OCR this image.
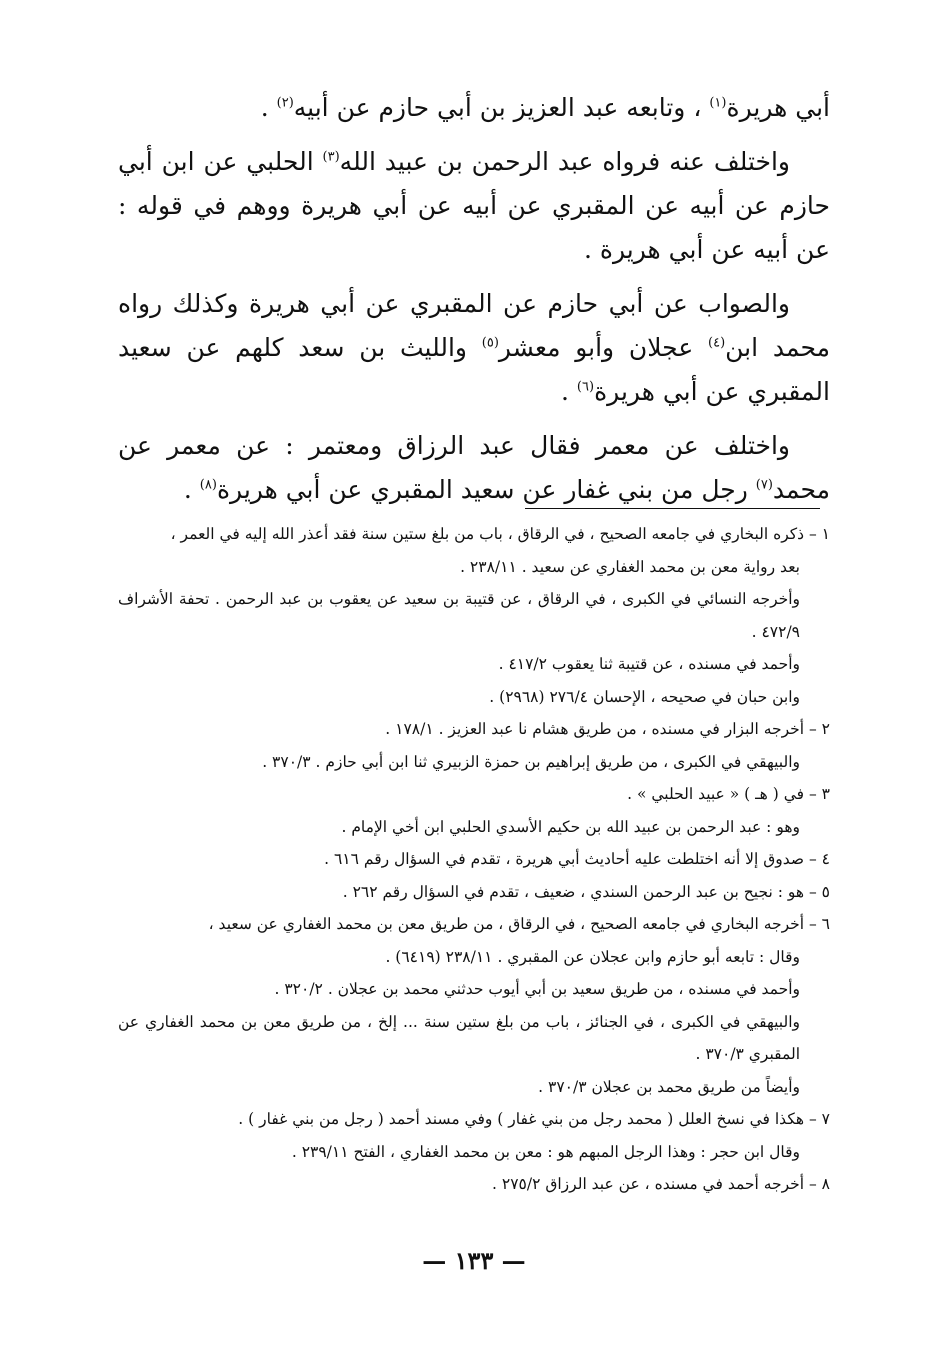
أبي هريرة$^{(١)}$ ، وتابعه عبد العزيز بن أبي حازم عن أبيه$^{(٢)}$ .

واختلف عنه فرواه عبد الرحمن بن عبيد الله$^{(٣)}$ الحلبي عن ابن أبي حازم عن أبيه عن المقبري عن أبيه عن أبي هريرة ووهم في قوله : عن أبيه عن أبي هريرة .

والصواب عن أبي حازم عن المقبري عن أبي هريرة وكذلك رواه محمد ابن$^{(٤)}$ عجلان وأبو معشر$^{(٥)}$ والليث بن سعد كلهم عن سعيد المقبري عن أبي هريرة$^{(٦)}$ .

واختلف عن معمر فقال عبد الرزاق ومعتمر : عن معمر عن محمد$^{(٧)}$ رجل من بني غفار عن سعيد المقبري عن أبي هريرة$^{(٨)}$ .

١ – ذكره البخاري في جامعه الصحيح ، في الرقاق ، باب من بلغ ستين سنة فقد أعذر الله إليه في العمر ،
بعد رواية معن بن محمد الغفاري عن سعيد . ٢٣٨/١١ .
وأخرجه النسائي في الكبرى ، في الرقاق ، عن قتيبة بن سعيد عن يعقوب بن عبد الرحمن . تحفة الأشراف ٤٧٢/٩ .
وأحمد في مسنده ، عن قتيبة ثنا يعقوب ٤١٧/٢ .
وابن حبان في صحيحه ، الإحسان ٢٧٦/٤ (٢٩٦٨) .
٢ – أخرجه البزار في مسنده ، من طريق هشام نا عبد العزيز . ١٧٨/١ .
والبيهقي في الكبرى ، من طريق إبراهيم بن حمزة الزبيري ثنا ابن أبي حازم . ٣٧٠/٣ .
٣ – في ( هـ ) « عبيد الحلبي » .
وهو : عبد الرحمن بن عبيد الله بن حكيم الأسدي الحلبي ابن أخي الإمام .
٤ – صدوق إلا أنه اختلطت عليه أحاديث أبي هريرة ، تقدم في السؤال رقم ٦١٦ .
٥ – هو : نجيح بن عبد الرحمن السندي ، ضعيف ، تقدم في السؤال رقم ٢٦٢ .
٦ – أخرجه البخاري في جامعه الصحيح ، في الرقاق ، من طريق معن بن محمد الغفاري عن سعيد ،
وقال : تابعه أبو حازم وابن عجلان عن المقبري . ٢٣٨/١١ (٦٤١٩) .
وأحمد في مسنده ، من طريق سعيد بن أبي أيوب حدثني محمد بن عجلان . ٣٢٠/٢ .
والبيهقي في الكبرى ، في الجنائز ، باب من بلغ ستين سنة ... إلخ ، من طريق معن بن محمد الغفاري عن المقبري ٣٧٠/٣ .
وأيضاً من طريق محمد بن عجلان ٣٧٠/٣ .
٧ – هكذا في نسخ العلل ( محمد رجل من بني غفار ) وفي مسند أحمد ( رجل من بني غفار ) .
وقال ابن حجر : وهذا الرجل المبهم هو : معن بن محمد الغفاري ، الفتح ٢٣٩/١١ .
٨ – أخرجه أحمد في مسنده ، عن عبد الرزاق ٢٧٥/٢ .
— ١٣٣ —
